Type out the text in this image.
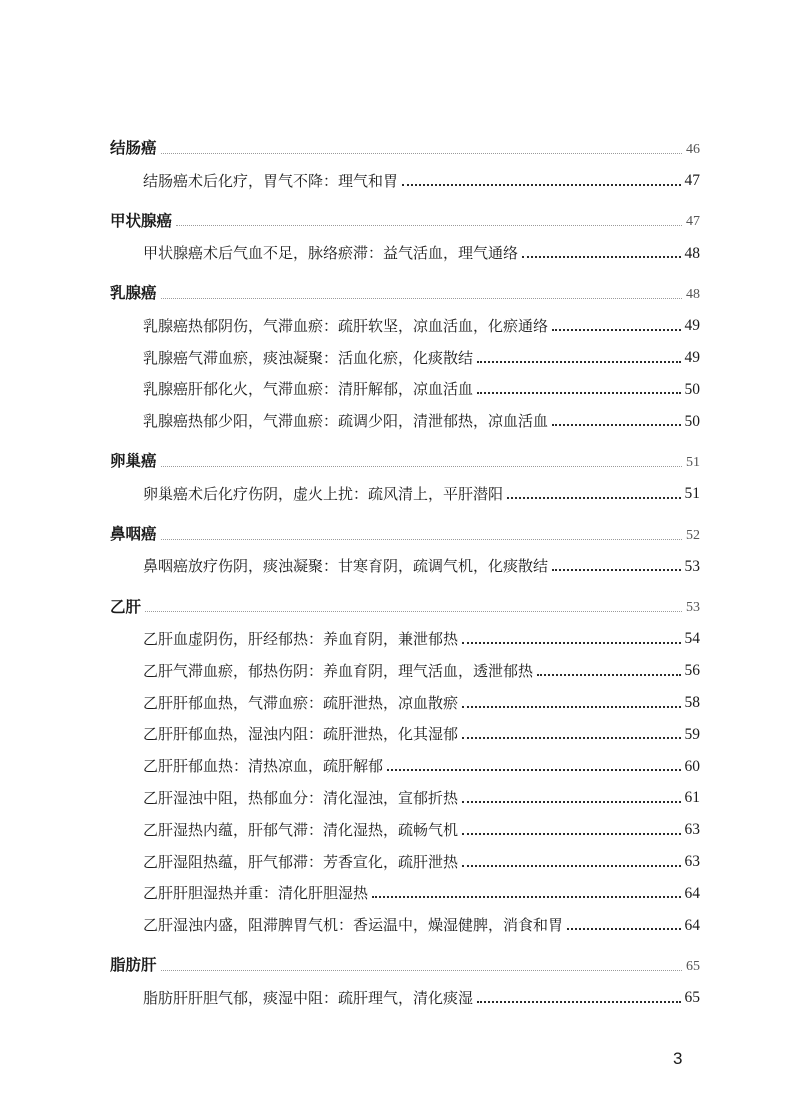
结肠癌	46
结肠癌术后化疗，胃气不降：理气和胃	47
甲状腺癌	47
甲状腺癌术后气血不足，脉络瘀滞：益气活血，理气通络	48
乳腺癌	48
乳腺癌热郁阴伤，气滞血瘀：疏肝软坚，凉血活血，化瘀通络	49
乳腺癌气滞血瘀，痰浊凝聚：活血化瘀，化痰散结	49
乳腺癌肝郁化火，气滞血瘀：清肝解郁，凉血活血	50
乳腺癌热郁少阳，气滞血瘀：疏调少阳，清泄郁热，凉血活血	50
卵巢癌	51
卵巢癌术后化疗伤阴，虚火上扰：疏风清上，平肝潜阳	51
鼻咽癌	52
鼻咽癌放疗伤阴，痰浊凝聚：甘寒育阴，疏调气机，化痰散结	53
乙肝	53
乙肝血虚阴伤，肝经郁热：养血育阴，兼泄郁热	54
乙肝气滞血瘀，郁热伤阴：养血育阴，理气活血，透泄郁热	56
乙肝肝郁血热，气滞血瘀：疏肝泄热，凉血散瘀	58
乙肝肝郁血热，湿浊内阻：疏肝泄热，化其湿郁	59
乙肝肝郁血热：清热凉血，疏肝解郁	60
乙肝湿浊中阻，热郁血分：清化湿浊，宣郁折热	61
乙肝湿热内蕴，肝郁气滞：清化湿热，疏畅气机	63
乙肝湿阻热蕴，肝气郁滞：芳香宣化，疏肝泄热	63
乙肝肝胆湿热并重：清化肝胆湿热	64
乙肝湿浊内盛，阻滞脾胃气机：香运温中，燥湿健脾，消食和胃	64
脂肪肝	65
脂肪肝肝胆气郁，痰湿中阻：疏肝理气，清化痰湿	65
3
